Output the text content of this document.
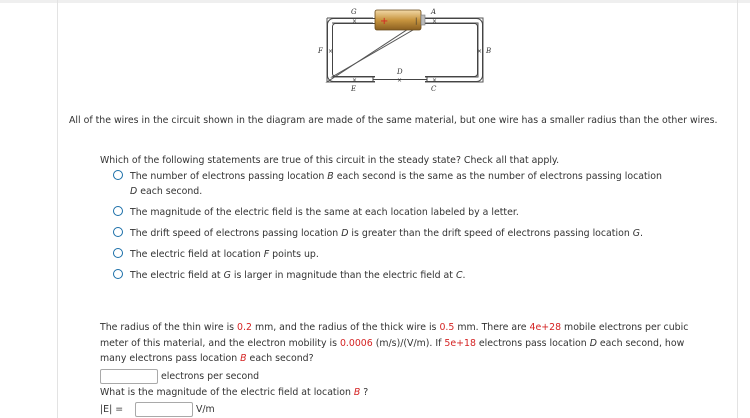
+	|
×	×
×	×
×	×	×
G	A
F	B
D
E	C
All of the wires in the circuit shown in the diagram are made of the same material, but one wire has a smaller radius than the other wires.
Which of the following statements are true of this circuit in the steady state? Check all that apply.
The number of electrons passing location B each second is the same as the number of electrons passing location
D each second.
The magnitude of the electric field is the same at each location labeled by a letter.
The drift speed of electrons passing location D is greater than the drift speed of electrons passing location G.
The electric field at location F points up.
The electric field at G is larger in magnitude than the electric field at C.
The radius of the thin wire is 0.2 mm, and the radius of the thick wire is 0.5 mm. There are 4e+28 mobile electrons per cubic meter of this material, and the electron mobility is 0.0006 (m/s)/(V/m). If 5e+18 electrons pass location D each second, how many electrons pass location B each second?
electrons per second
What is the magnitude of the electric field at location B ?
|E| =	V/m
